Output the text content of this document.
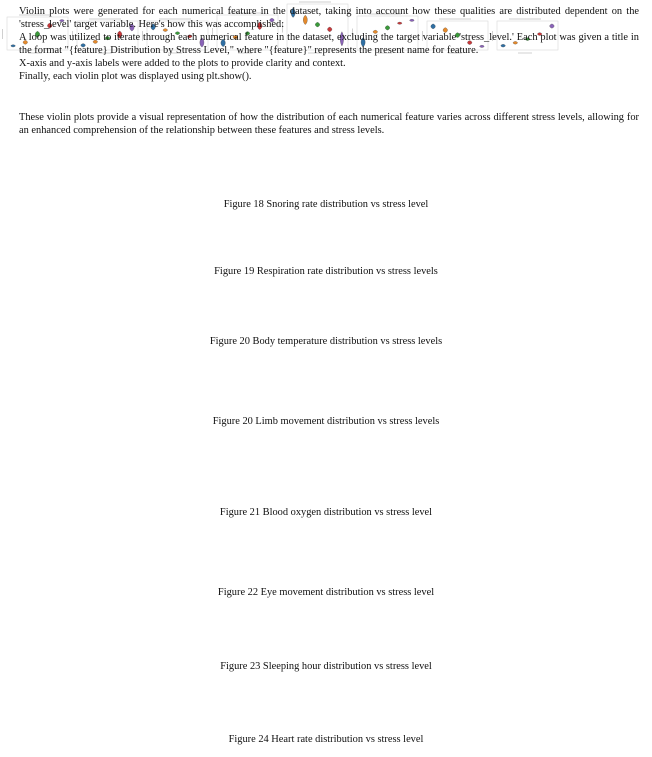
Violin plots were generated for each numerical feature in the dataset, taking into account how these qualities are distributed dependent on the 'stress_level' target variable. Here's how this was accomplished:

A loop was utilized to iterate through each numerical feature in the dataset, excluding the target variable 'stress_level.' Each plot was given a title in the format "{feature} Distribution by Stress Level," where "{feature}" represents the present name for feature.

X-axis and y-axis labels were added to the plots to provide clarity and context.

Finally, each violin plot was displayed using plt.show().

These violin plots provide a visual representation of how the distribution of each numerical feature varies across different stress levels, allowing for an enhanced comprehension of the relationship between these features and stress levels.

Figure 18 Snoring rate distribution vs stress level
Figure 19 Respiration rate distribution vs stress levels
Figure 20 Body temperature distribution vs stress levels
Figure 20 Limb movement distribution vs stress levels
Figure 21 Blood oxygen distribution vs stress level
Figure 22 Eye movement distribution vs stress level
Figure 23 Sleeping hour distribution vs stress level
Figure 24 Heart rate distribution vs stress level
